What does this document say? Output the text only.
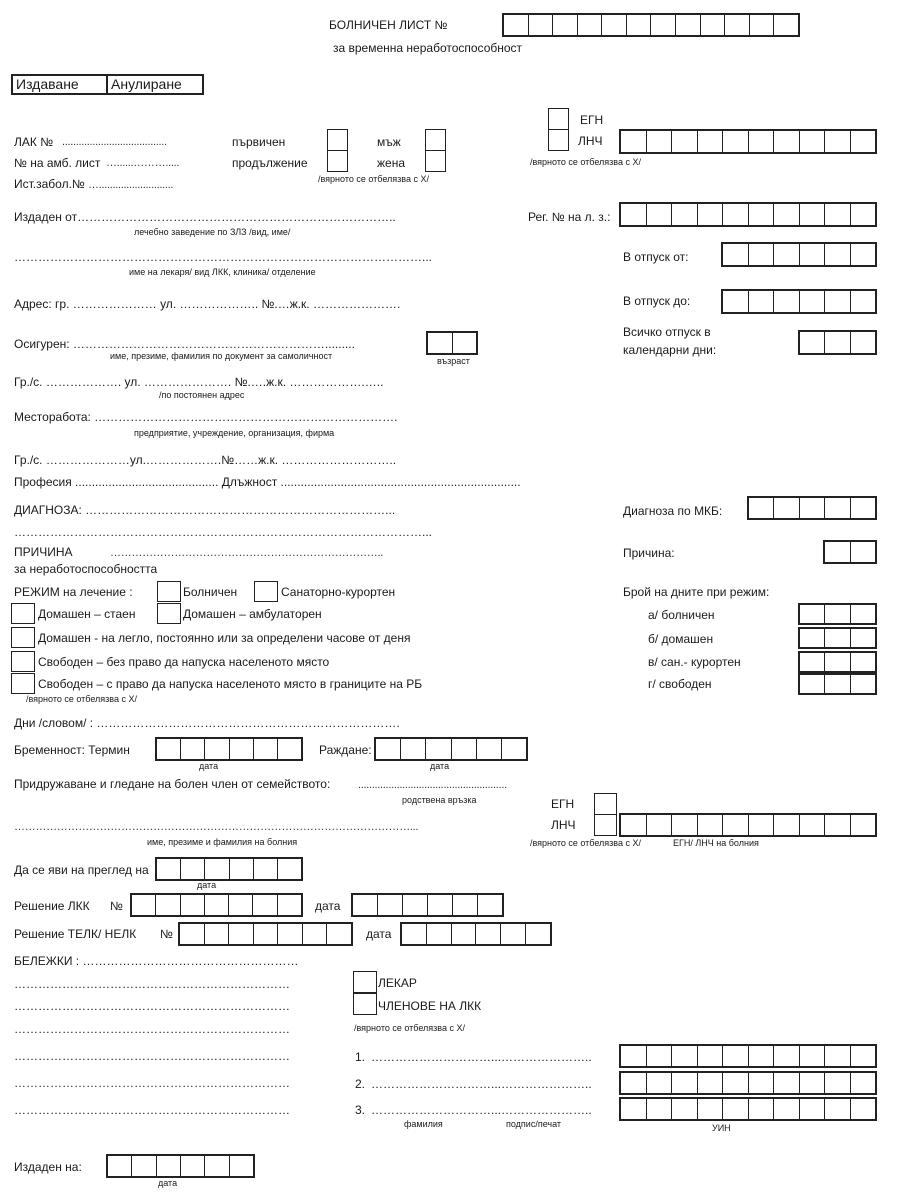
БОЛНИЧЕН ЛИСТ №
за временна неработоспособност
Издаване	Анулиране
ЛАК № ......................................
№ на амб. лист …......……….....
Ист.забол.№ …...........................
първичен
продължение
мъж
жена
/вярното се отбелязва с Х/
ЕГН
ЛНЧ
/вярното се отбелязва с Х/
Издаден от……………………………………………………………………..
лечебно заведение по ЗЛЗ /вид, име/
…………………………………………………………………………………………...
име на лекаря/ вид ЛКК, клиника/ отделение
Адрес: гр. ………………… ул. ……………….. №.…ж.к. ………………….
Рег. № на л. з.:
В отпуск от:
В отпуск до:
Всичко отпуск в
календарни дни:
Осигурен: ……………………………………………………….........
име, презиме, фамилия по документ за самоличност	възраст
Гр./с. ………………. ул. …………………. №.….ж.к. ……………….…..
/по постоянен адрес
Месторабота: ………………………………………………………………….
предприятие, учреждение, организация, фирма
Гр./с. …………………ул.……………….№……ж.к. ………………………..
Професия ........................................... Длъжност ........................................................................
ДИАГНОЗА: …………………………………………………………………...
…………………………………………………………………………………………...
ПРИЧИНА	…………………………………………………………………..
за неработоспособността
Диагноза по МКБ:
Причина:
РЕЖИМ на лечение :	Болничен	Санаторно-курортен
Домашен – стаен	Домашен – амбулаторен
Домашен - на легло, постоянно или за определени часове от деня
Свободен – без право да напуска населеното място
Свободен – с право да напуска населеното място в границите на РБ
/вярното се отбелязва с Х/
Брой на дните при режим:
а/ болничен
б/ домашен
в/ сан.- курортен
г/ свободен
Дни /словом/ : ………………………………………………………………….
Бременност: Термин
дата
Раждане:
дата
Придружаване и гледане на болен член от семейството:	......................................................
родствена връзка
…………………………………………………………………………………………………...
име, презиме и фамилия на болния
ЕГН
ЛНЧ
/вярното се отбелязва с Х/	ЕГН/ ЛНЧ на болния
Да се яви на преглед на
дата
Решение ЛКК №	дата
Решение ТЕЛК/ НЕЛК №	дата
БЕЛЕЖКИ : ………………………………………………
……………………………………………………………
……………………………………………………………
……………………………………………………………
……………………………………………………………
……………………………………………………………
……………………………………………………………
ЛЕКАР
ЧЛЕНОВЕ НА ЛКК
/вярното се отбелязва с Х/
1. …………………………... …………………..
2. …………………………... …………………..
3. …………………………... …………………..
фамилия	подпис/печат	УИН
Издаден на:
дата
